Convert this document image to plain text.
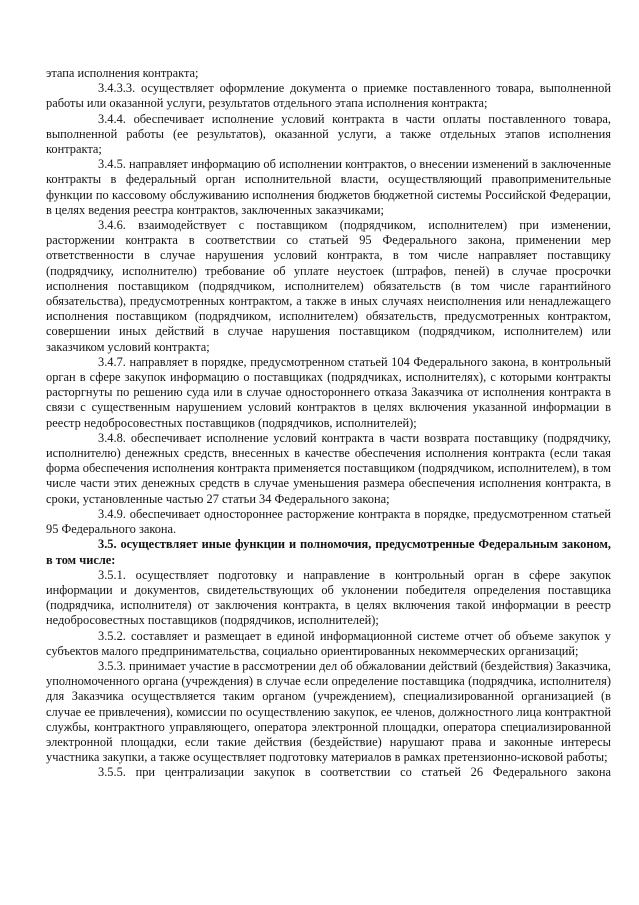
этапа исполнения контракта;

3.4.3.3. осуществляет оформление документа о приемке поставленного товара, выполненной работы или оказанной услуги, результатов отдельного этапа исполнения контракта;

3.4.4. обеспечивает исполнение условий контракта в части оплаты поставленного товара, выполненной работы (ее результатов), оказанной услуги, а также отдельных этапов исполнения контракта;

3.4.5. направляет информацию об исполнении контрактов, о внесении изменений в заключенные контракты в федеральный орган исполнительной власти, осуществляющий правоприменительные функции по кассовому обслуживанию исполнения бюджетов бюджетной системы Российской Федерации, в целях ведения реестра контрактов, заключенных заказчиками;

3.4.6. взаимодействует с поставщиком (подрядчиком, исполнителем) при изменении, расторжении контракта в соответствии со статьей 95 Федерального закона, применении мер ответственности в случае нарушения условий контракта, в том числе направляет поставщику (подрядчику, исполнителю) требование об уплате неустоек (штрафов, пеней) в случае просрочки исполнения поставщиком (подрядчиком, исполнителем) обязательств (в том числе гарантийного обязательства), предусмотренных контрактом, а также в иных случаях неисполнения или ненадлежащего исполнения поставщиком (подрядчиком, исполнителем) обязательств, предусмотренных контрактом, совершении иных действий в случае нарушения поставщиком (подрядчиком, исполнителем) или заказчиком условий контракта;

3.4.7. направляет в порядке, предусмотренном статьей 104 Федерального закона, в контрольный орган в сфере закупок информацию о поставщиках (подрядчиках, исполнителях), с которыми контракты расторгнуты по решению суда или в случае одностороннего отказа Заказчика от исполнения контракта в связи с существенным нарушением условий контрактов в целях включения указанной информации в реестр недобросовестных поставщиков (подрядчиков, исполнителей);

3.4.8. обеспечивает исполнение условий контракта в части возврата поставщику (подрядчику, исполнителю) денежных средств, внесенных в качестве обеспечения исполнения контракта (если такая форма обеспечения исполнения контракта применяется поставщиком (подрядчиком, исполнителем), в том числе части этих денежных средств в случае уменьшения размера обеспечения исполнения контракта, в сроки, установленные частью 27 статьи 34 Федерального закона;

3.4.9. обеспечивает одностороннее расторжение контракта в порядке, предусмотренном статьей 95 Федерального закона.

3.5. осуществляет иные функции и полномочия, предусмотренные Федеральным законом, в том числе:

3.5.1. осуществляет подготовку и направление в контрольный орган в сфере закупок информации и документов, свидетельствующих об уклонении победителя определения поставщика (подрядчика, исполнителя) от заключения контракта, в целях включения такой информации в реестр недобросовестных поставщиков (подрядчиков, исполнителей);

3.5.2. составляет и размещает в единой информационной системе отчет об объеме закупок у субъектов малого предпринимательства, социально ориентированных некоммерческих организаций;

3.5.3. принимает участие в рассмотрении дел об обжаловании действий (бездействия) Заказчика, уполномоченного органа (учреждения) в случае если определение поставщика (подрядчика, исполнителя) для Заказчика осуществляется таким органом (учреждением), специализированной организацией (в случае ее привлечения), комиссии по осуществлению закупок, ее членов, должностного лица контрактной службы, контрактного управляющего, оператора электронной площадки, оператора специализированной электронной площадки, если такие действия (бездействие) нарушают права и законные интересы участника закупки, а также осуществляет подготовку материалов в рамках претензионно-исковой работы;

3.5.5. при централизации закупок в соответствии со статьей 26 Федерального закона
